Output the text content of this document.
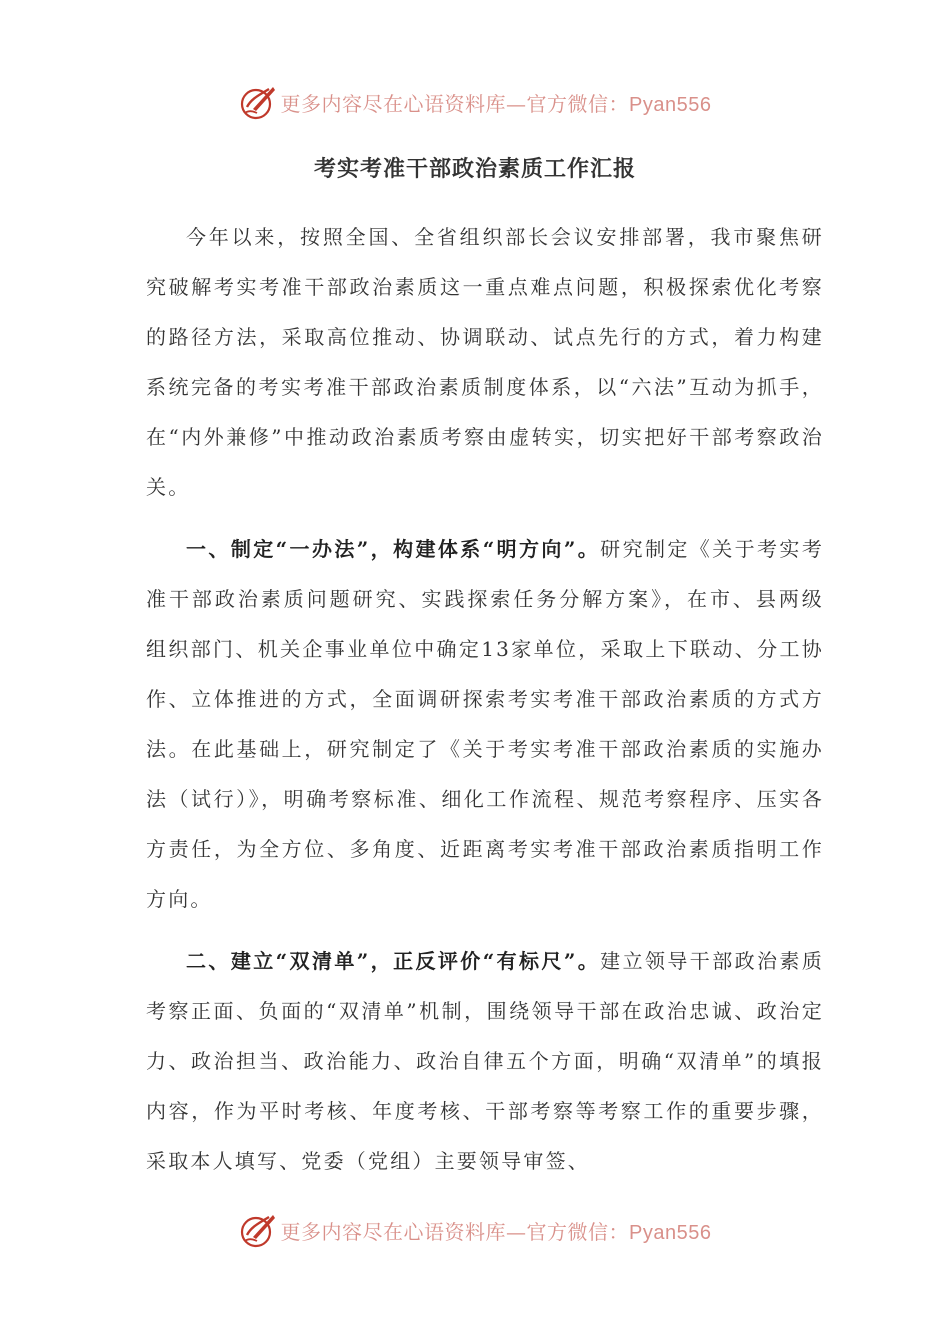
更多内容尽在心语资料库—官方微信：Pyan556
考实考准干部政治素质工作汇报

今年以来，按照全国、全省组织部长会议安排部署，我市聚焦研究破解考实考准干部政治素质这一重点难点问题，积极探索优化考察的路径方法，采取高位推动、协调联动、试点先行的方式，着力构建系统完备的考实考准干部政治素质制度体系，以“六法”互动为抓手，在“内外兼修”中推动政治素质考察由虚转实，切实把好干部考察政治关。

一、制定“一办法”，构建体系“明方向”。研究制定《关于考实考准干部政治素质问题研究、实践探索任务分解方案》，在市、县两级组织部门、机关企事业单位中确定13家单位，采取上下联动、分工协作、立体推进的方式，全面调研探索考实考准干部政治素质的方式方法。在此基础上，研究制定了《关于考实考准干部政治素质的实施办法（试行）》，明确考察标准、细化工作流程、规范考察程序、压实各方责任，为全方位、多角度、近距离考实考准干部政治素质指明工作方向。

二、建立“双清单”，正反评价“有标尺”。建立领导干部政治素质考察正面、负面的“双清单”机制，围绕领导干部在政治忠诚、政治定力、政治担当、政治能力、政治自律五个方面，明确“双清单”的填报内容，作为平时考核、年度考核、干部考察等考察工作的重要步骤，采取本人填写、党委（党组）主要领导审签、

更多内容尽在心语资料库—官方微信：Pyan556
